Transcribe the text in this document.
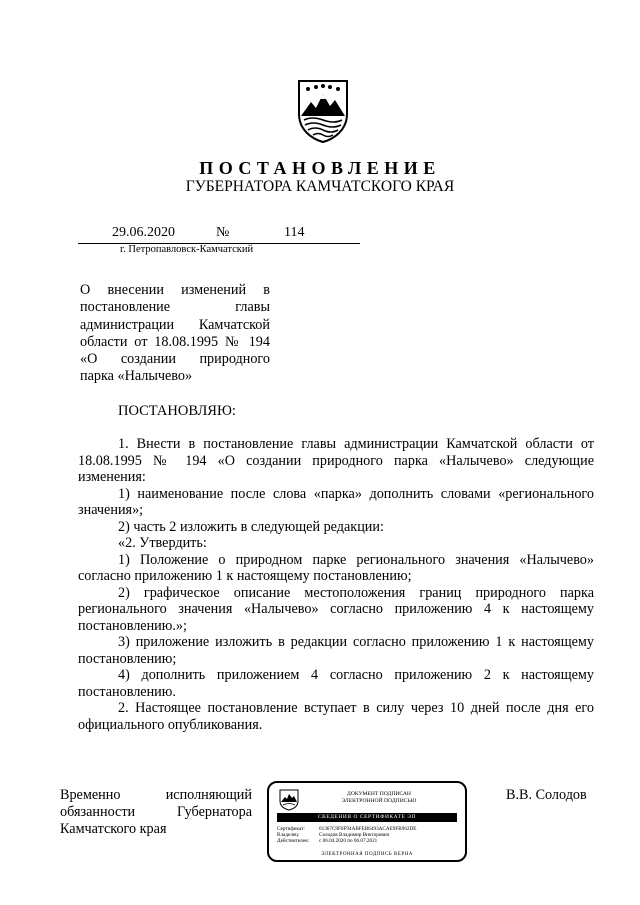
ПОСТАНОВЛЕНИЕ
ГУБЕРНАТОРА КАМЧАТСКОГО КРАЯ
29.06.2020	№	114
г. Петропавловск-Камчатский
О внесении изменений в
постановление главы
администрации Камчатской
области от 18.08.1995 № 194
«О создании природного
парка «Налычево»
ПОСТАНОВЛЯЮ:

1. Внести в постановление главы администрации Камчатской области от 18.08.1995 № 194 «О создании природного парка «Налычево» следующие изменения:

1) наименование после слова «парка» дополнить словами «регионального значения»;

2) часть 2 изложить в следующей редакции:

«2. Утвердить:

1) Положение о природном парке регионального значения «Налычево» согласно приложению 1 к настоящему постановлению;

2) графическое описание местоположения границ природного парка регионального значения «Налычево» согласно приложению 4 к настоящему постановлению.»;

3) приложение изложить в редакции согласно приложению 1 к настоящему постановлению;

4) дополнить приложением 4 согласно приложению 2 к настоящему постановлению.

2. Настоящее постановление вступает в силу через 10 дней после дня его официального опубликования.

Временно исполняющий
обязанности Губернатора
Камчатского края
ДОКУМЕНТ ПОДПИСАН
ЭЛЕКТРОННОЙ ПОДПИСЬЮ
СВЕДЕНИЯ О СЕРТИФИКАТЕ ЭП
Сертификат:	01367C9F0F94ABFEB6493ACAE9FB962DE
Владелец:	Солодов Владимир Викторович
Действителен: с 06.04.2020 по 06.07.2021
ЭЛЕКТРОННАЯ ПОДПИСЬ ВЕРНА
В.В. Солодов
